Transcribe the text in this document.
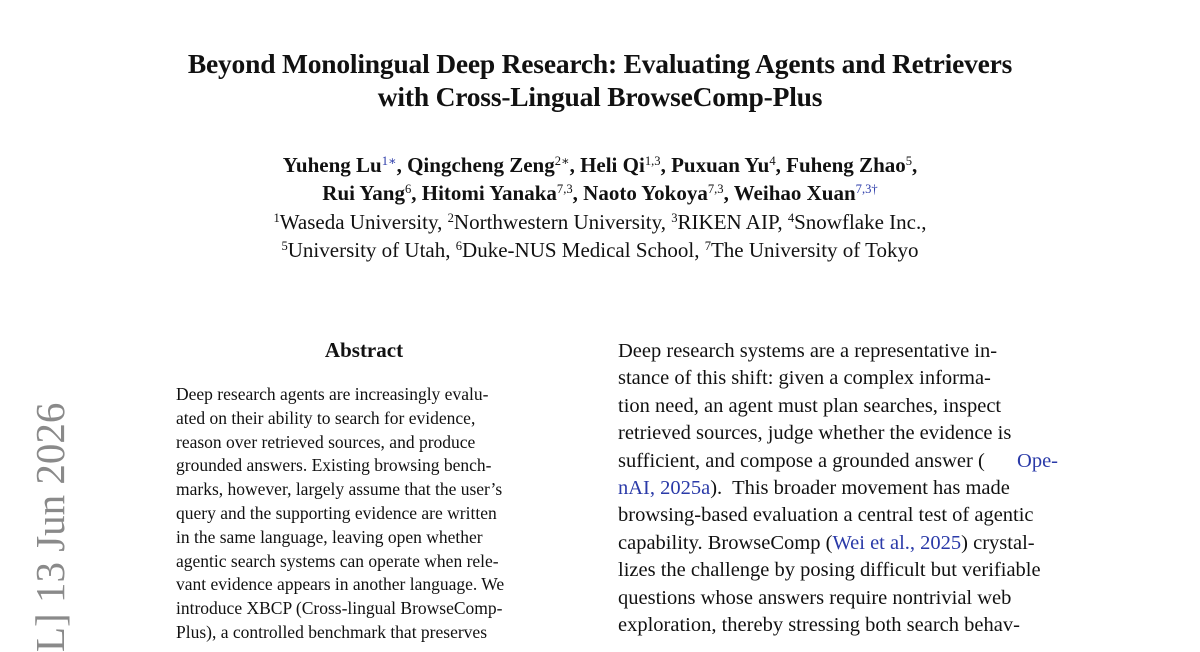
Beyond Monolingual Deep Research: Evaluating Agents and Retrievers
with Cross-Lingual BrowseComp-Plus
Yuheng $Lu^{1∗}$, Qingcheng Zeng$^{2∗}$, Heli Qi$^{1,3}$, Puxuan Yu$^4$, Fuheng Zhao$^5$,
Rui Yang$^6$, Hitomi Yanaka$^{7,3}$, Naoto Yokoya$^{7,3}$, Weihao Xuan$^{7,3\dagger}$
$^1$Waseda University, $^2$Northwestern University, $^3$RIKEN AIP, $^4$Snowflake Inc.,
$^5$University of Utah, $^6$Duke-NUS Medical School, $^7$The University of Tokyo
Abstract
Deep research agents are increasingly evalu-
ated on their ability to search for evidence,
reason over retrieved sources, and produce
grounded answers. Existing browsing bench-
marks, however, largely assume that the user’s
query and the supporting evidence are written
in the same language, leaving open whether
agentic search systems can operate when rele-
vant evidence appears in another language. We
introduce XBCP (Cross-lingual BrowseComp-
Plus), a controlled benchmark that preserves
Deep research systems are a representative in-
stance of this shift: given a complex informa-
tion need, an agent must plan searches, inspect
retrieved sources, judge whether the evidence is
sufficient, and compose a grounded answer ( Ope-
nAI, 2025a).  This broader movement has made
browsing-based evaluation a central test of agentic
capability. BrowseComp (Wei et al., 2025) crystal-
lizes the challenge by posing difficult but verifiable
questions whose answers require nontrivial web
exploration, thereby stressing both search behav-
L] 13 Jun 2026
